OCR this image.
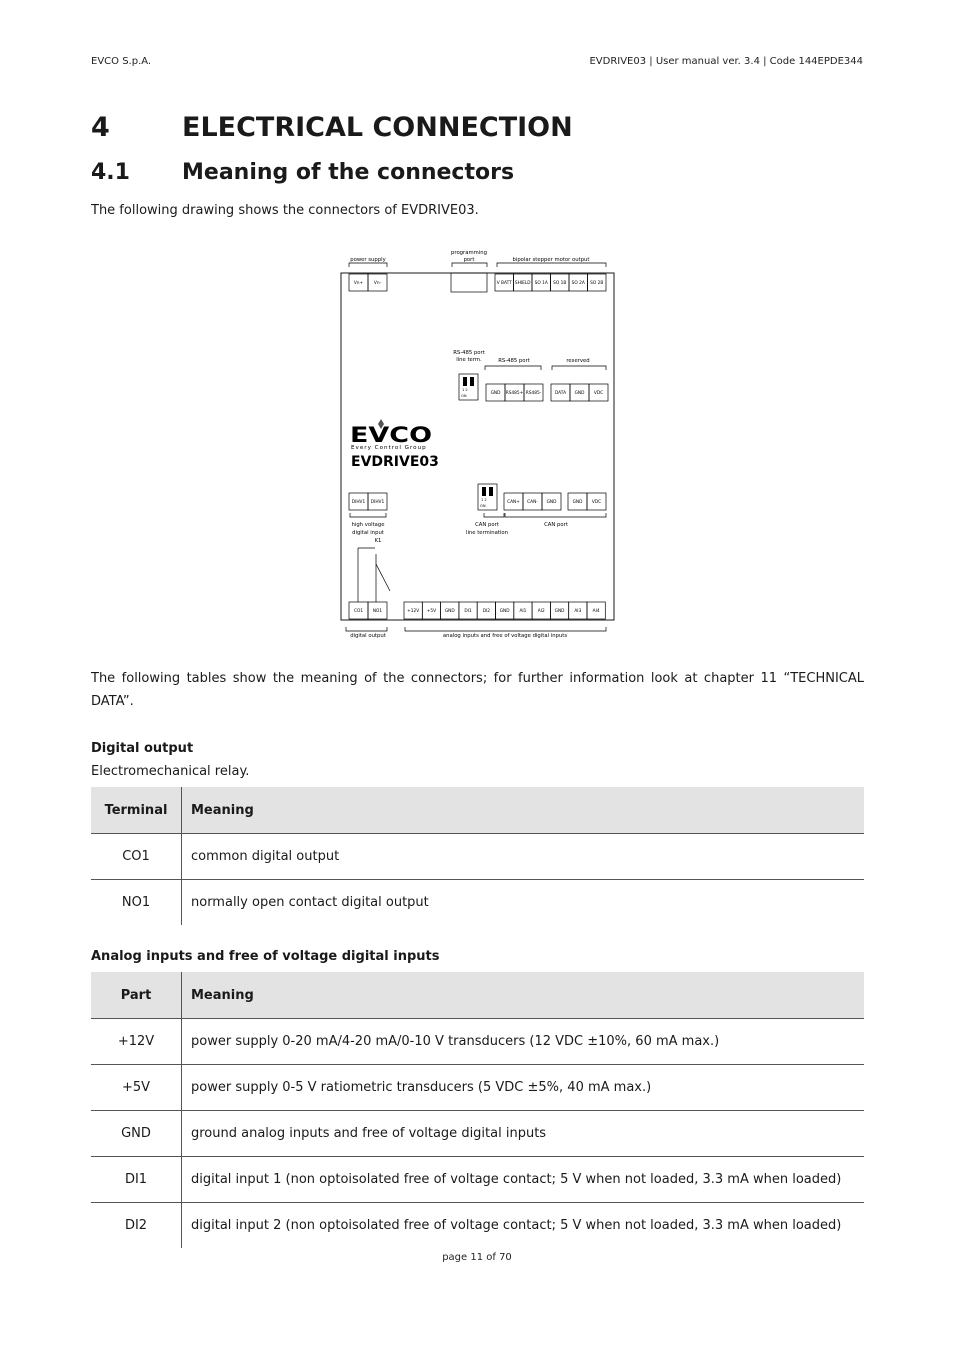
EVCO S.p.A.	EVDRIVE03 | User manual ver. 3.4 | Code 144EPDE344
4	ELECTRICAL CONNECTION
4.1 Meaning of the connectors

The following drawing shows the connectors of EVDRIVE03.

power supply
programming
port	bipolar stepper motor output
RS-485 port
line term.	RS-485 port	reserved
high voltage
digital input
K1
CAN port
line termination
CAN port
digital output	analog inputs and free of voltage digital inputs
1 2
ON
1 2
ON
EVCO
Every Control Group
EVDRIVE03
Vn+	Vn-	V BATT SHIELD SO 1A SO 1B SO 2A SO 2B
GND RS485+ RS485-	DATA GND VDC
DIHV1 DIHV1	CAN+ CAN- GND	GND VDC
CO1 NO1	+12V +5V GND DI1	DI2 GND AI1	AI2 GND AI3	AI4

The following tables show the meaning of the connectors; for further information look at chapter 11 “TECHNICAL DATA”.

Digital output

Electromechanical relay.

Terminal	Meaning
CO1	common digital output
NO1	normally open contact digital output
Analog inputs and free of voltage digital inputs
Part	Meaning
+12V	power supply 0-20 mA/4-20 mA/0-10 V transducers (12 VDC ±10%, 60 mA max.)
+5V	power supply 0-5 V ratiometric transducers (5 VDC ±5%, 40 mA max.)
GND	ground analog inputs and free of voltage digital inputs
DI1	digital input 1 (non optoisolated free of voltage contact; 5 V when not loaded, 3.3 mA when loaded)
DI2	digital input 2 (non optoisolated free of voltage contact; 5 V when not loaded, 3.3 mA when loaded)
page 11 of 70
